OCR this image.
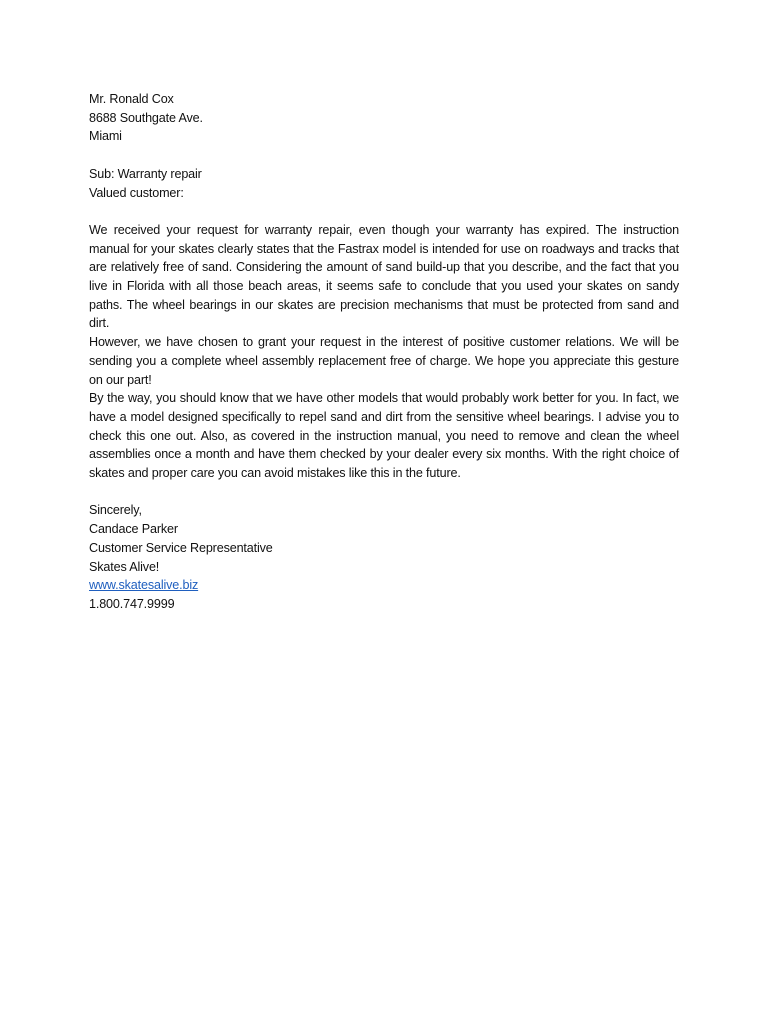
Mr. Ronald Cox
8688 Southgate Ave.
Miami
Sub: Warranty repair
Valued customer:

We received your request for warranty repair, even though your warranty has expired. The instruction manual for your skates clearly states that the Fastrax model is intended for use on roadways and tracks that are relatively free of sand. Considering the amount of sand build-up that you describe, and the fact that you live in Florida with all those beach areas, it seems safe to conclude that you used your skates on sandy paths. The wheel bearings in our skates are precision mechanisms that must be protected from sand and dirt.

However, we have chosen to grant your request in the interest of positive customer relations. We will be sending you a complete wheel assembly replacement free of charge. We hope you appreciate this gesture on our part!

By the way, you should know that we have other models that would probably work better for you. In fact, we have a model designed specifically to repel sand and dirt from the sensitive wheel bearings. I advise you to check this one out. Also, as covered in the instruction manual, you need to remove and clean the wheel assemblies once a month and have them checked by your dealer every six months. With the right choice of skates and proper care you can avoid mistakes like this in the future.

Sincerely,
Candace Parker
Customer Service Representative
Skates Alive!
www.skatesalive.biz
1.800.747.9999
